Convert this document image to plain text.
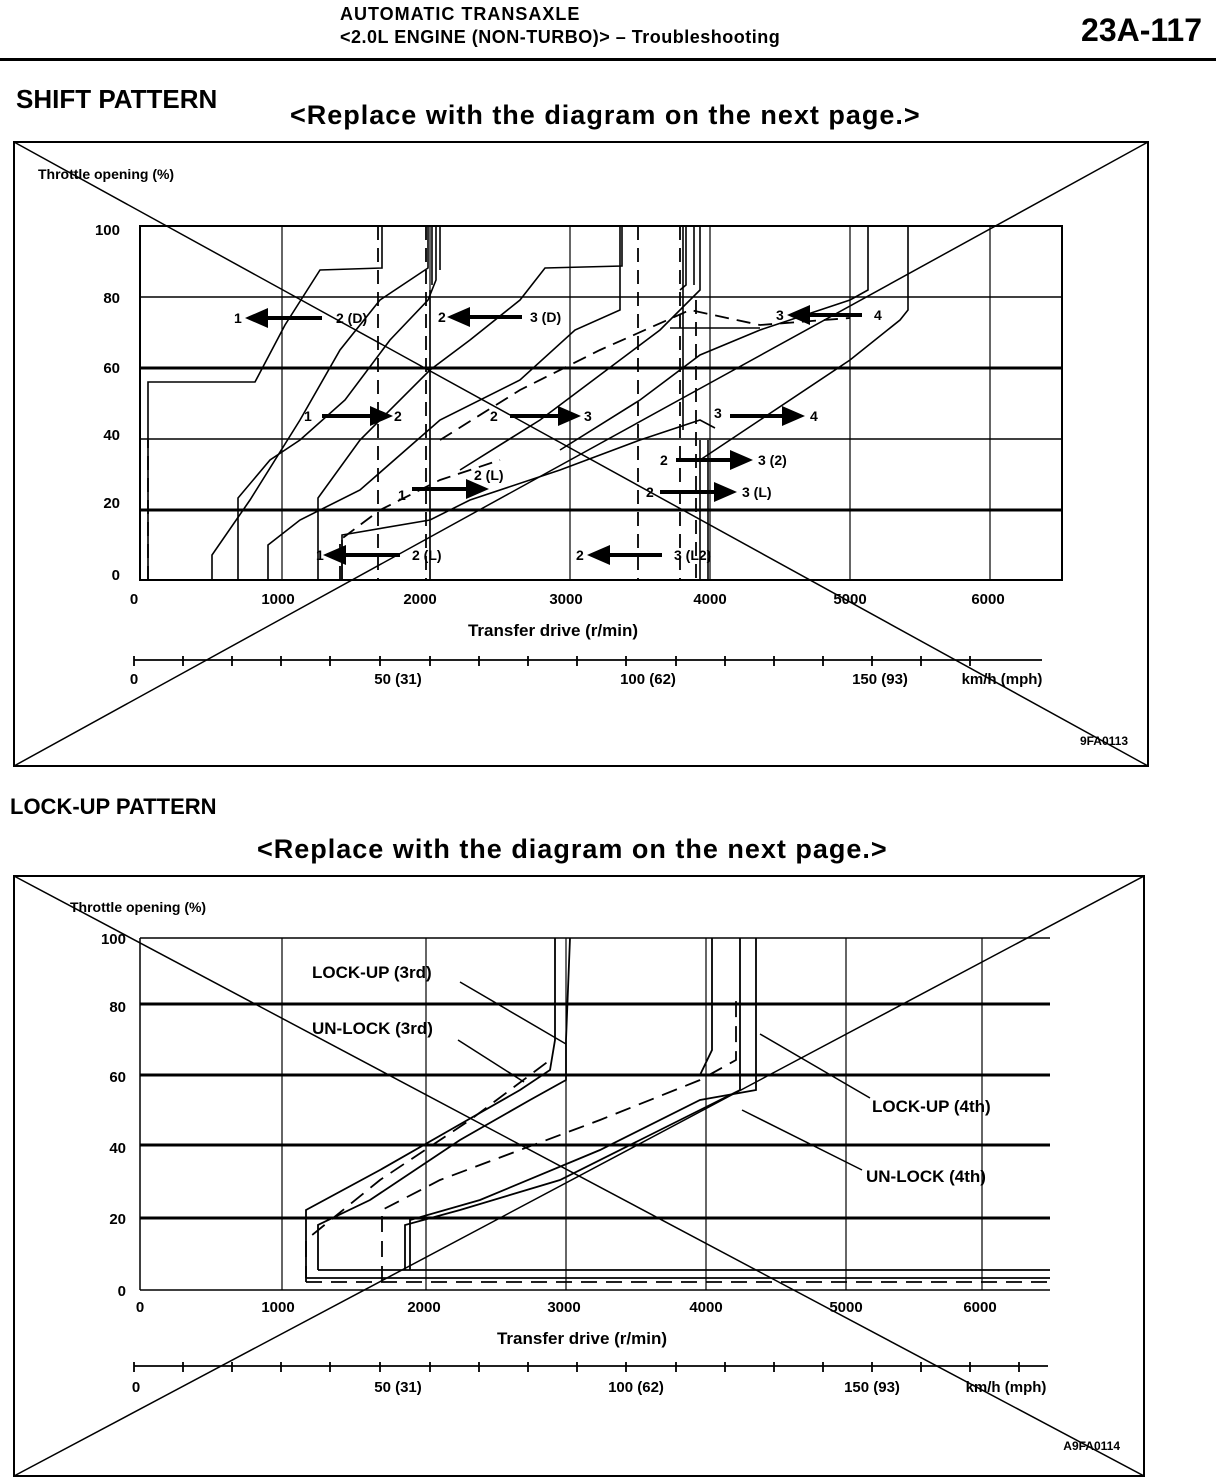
AUTOMATIC TRANSAXLE
<2.0L ENGINE (NON-TURBO)> – Troubleshooting	23A-117
SHIFT PATTERN
<Replace with the diagram on the next page.>
LOCK-UP PATTERN
<Replace with the diagram on the next page.>
1	2 (D)	2	3 (D)	3	4
1	2	2	3	3	4
2	3 (2)
1
2 (L)
2	3 (L)
1	2 (L)	2	3 (L2)
Throttle opening (%)
0
20
40
60
80
100
0	1000	2000	3000	4000	5000	6000
Transfer drive (r/min)
0	50 (31)	100 (62)	150 (93)	km/h (mph)
9FA0113
LOCK-UP (3rd)
UN-LOCK (3rd)
LOCK-UP (4th)
UN-LOCK (4th)
Throttle opening (%)
0
20
40
60
80
100
0	1000	2000	3000	4000	5000	6000
Transfer drive (r/min)
0	50 (31)	100 (62)	150 (93)	km/h (mph)
A9FA0114
